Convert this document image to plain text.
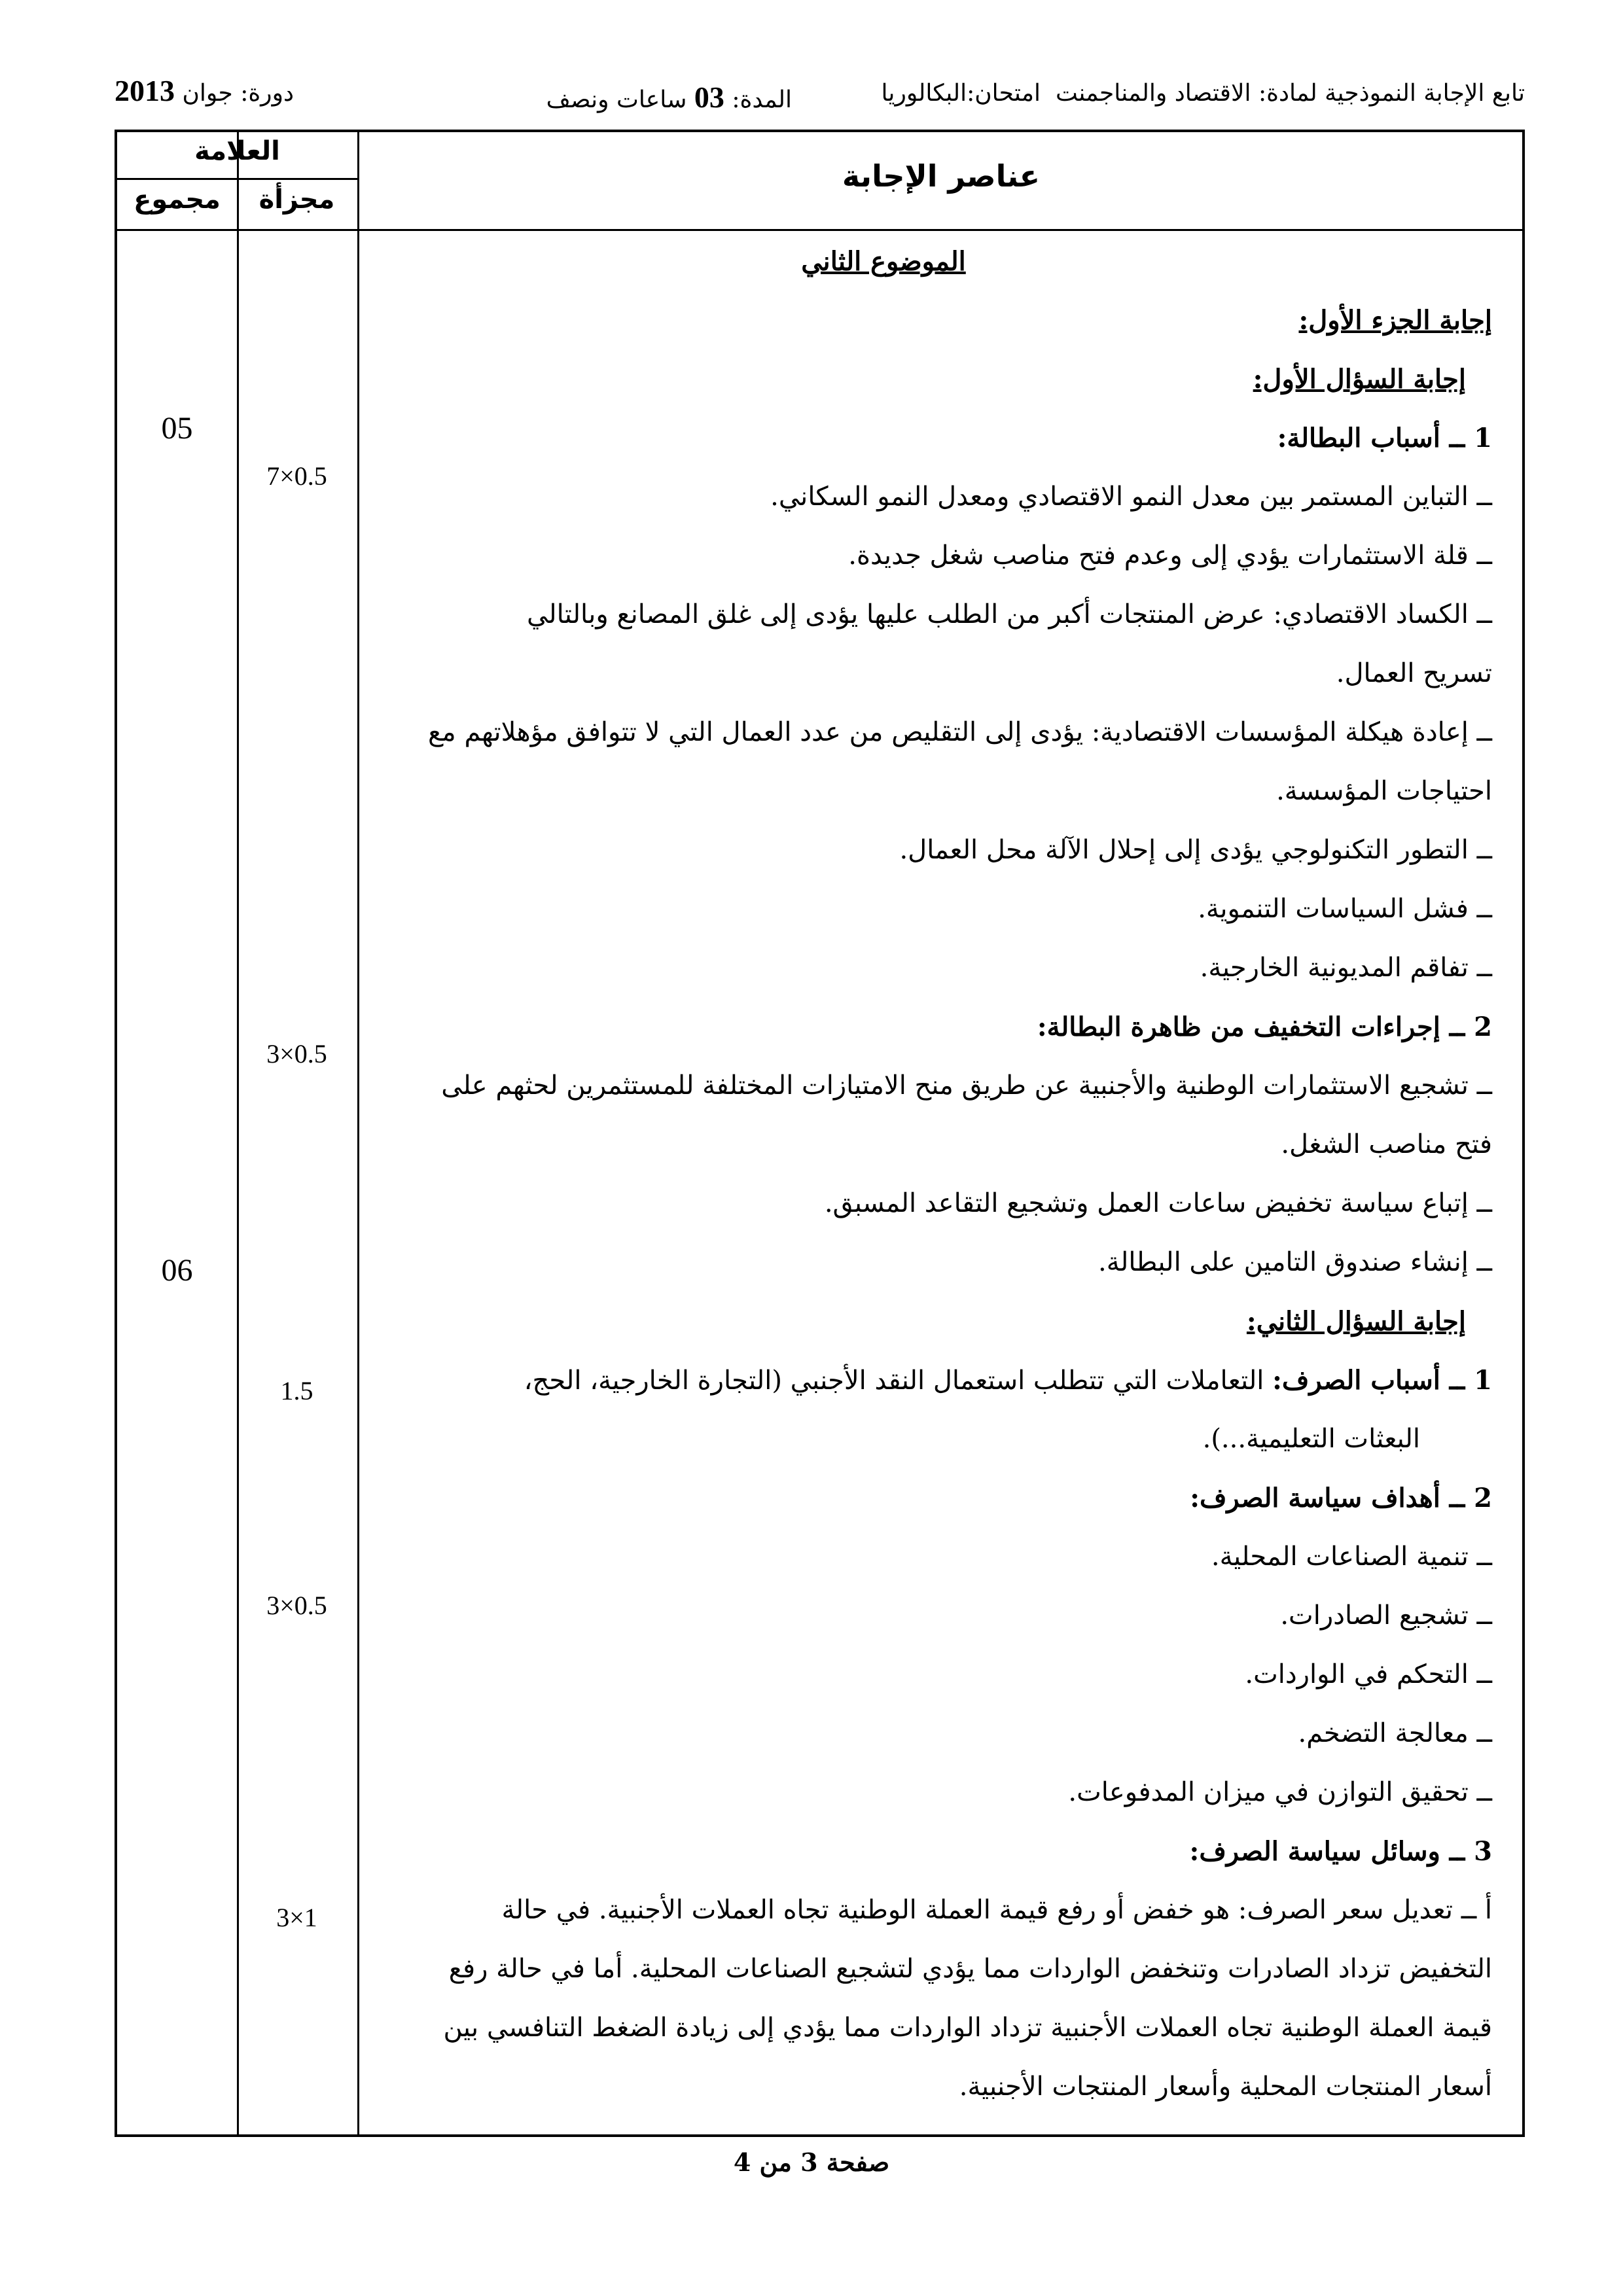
تابع الإجابة النموذجية لمادة: الاقتصاد والمناجمنت
امتحان:البكالوريا
المدة: 03 ساعات ونصف
دورة: جوان 2013
العلامة
مجموع	مجزأة
عناصر الإجابة
05
06
7×0.5
3×0.5
1.5
3×0.5
3×1
الموضوع الثاني
إجابة الجزء الأول:
إجابة السؤال الأول:
1 ــ أسباب البطالة:
ــ التباين المستمر بين معدل النمو الاقتصادي ومعدل النمو السكاني.
ــ قلة الاستثمارات يؤدي إلى وعدم فتح مناصب شغل جديدة.
ــ الكساد الاقتصادي: عرض المنتجات أكبر من الطلب عليها يؤدى إلى غلق المصانع وبالتالي
تسريح العمال.
ــ إعادة هيكلة المؤسسات الاقتصادية: يؤدى إلى التقليص من عدد العمال التي لا تتوافق مؤهلاتهم مع
احتياجات المؤسسة.
ــ التطور التكنولوجي يؤدى إلى إحلال الآلة محل العمال.
ــ فشل السياسات التنموية.
ــ تفاقم المديونية الخارجية.
2 ــ إجراءات التخفيف من ظاهرة البطالة:
ــ تشجيع الاستثمارات الوطنية والأجنبية عن طريق منح الامتيازات المختلفة للمستثمرين لحثهم على
فتح مناصب الشغل.
ــ إتباع سياسة تخفيض ساعات العمل وتشجيع التقاعد المسبق.
ــ إنشاء صندوق التامين على البطالة.
إجابة السؤال الثاني:
1 ــ أسباب الصرف: التعاملات التي تتطلب استعمال النقد الأجنبي (التجارة الخارجية، الحج،
البعثات التعليمية...).
2 ــ أهداف سياسة الصرف:
ــ تنمية الصناعات المحلية.
ــ تشجيع الصادرات.
ــ التحكم في الواردات.
ــ معالجة التضخم.
ــ تحقيق التوازن في ميزان المدفوعات.
3 ــ وسائل سياسة الصرف:
أ ــ تعديل سعر الصرف: هو خفض أو رفع قيمة العملة الوطنية تجاه العملات الأجنبية. في حالة
التخفيض تزداد الصادرات وتنخفض الواردات مما يؤدي لتشجيع الصناعات المحلية. أما في حالة رفع
قيمة العملة الوطنية تجاه العملات الأجنبية تزداد الواردات مما يؤدي إلى زيادة الضغط التنافسي بين
أسعار المنتجات المحلية وأسعار المنتجات الأجنبية.
صفحة 3 من 4
